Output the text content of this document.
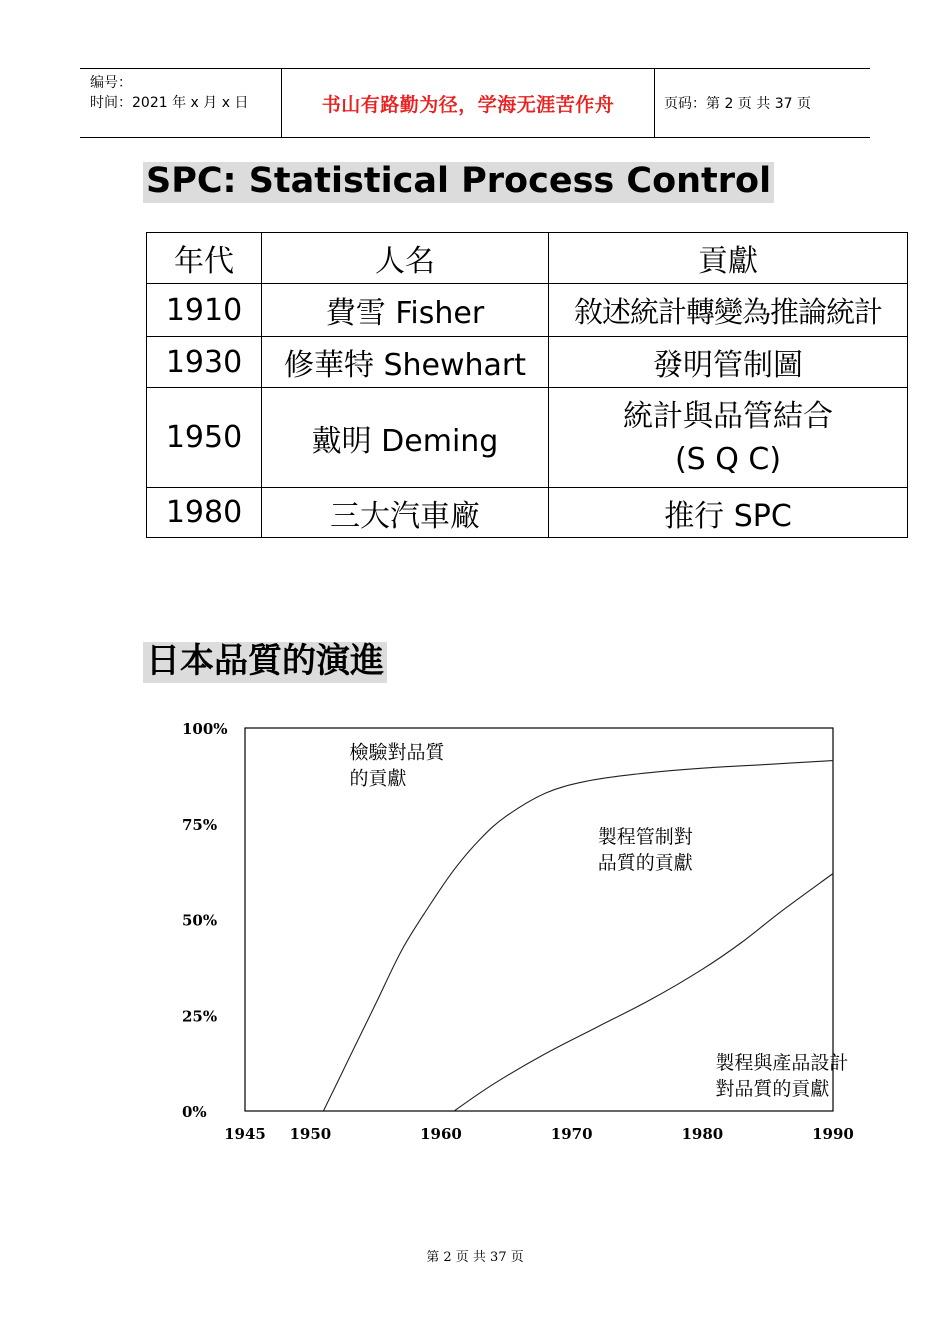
编号：
时间：2021 年 x 月 x 日	书山有路勤为径，学海无涯苦作舟	页码：第 2 页 共 37 页
SPC: Statistical Process Control
年代	人名	貢獻
1910	費雪 Fisher	敘述統計轉變為推論統計
1930	修華特 Shewhart	發明管制圖
1950	戴明 Deming	統計與品管結合
(S Q C)

1980	三大汽車廠	推行 SPC
日本品質的演進
100%
75%
50%
25%
0%
1945 1950	1960	1970	1980	1990
檢驗對品質的貢獻
製程管制對品質的貢獻
製程與產品設計對品質的貢獻
第 2 页 共 37 页
